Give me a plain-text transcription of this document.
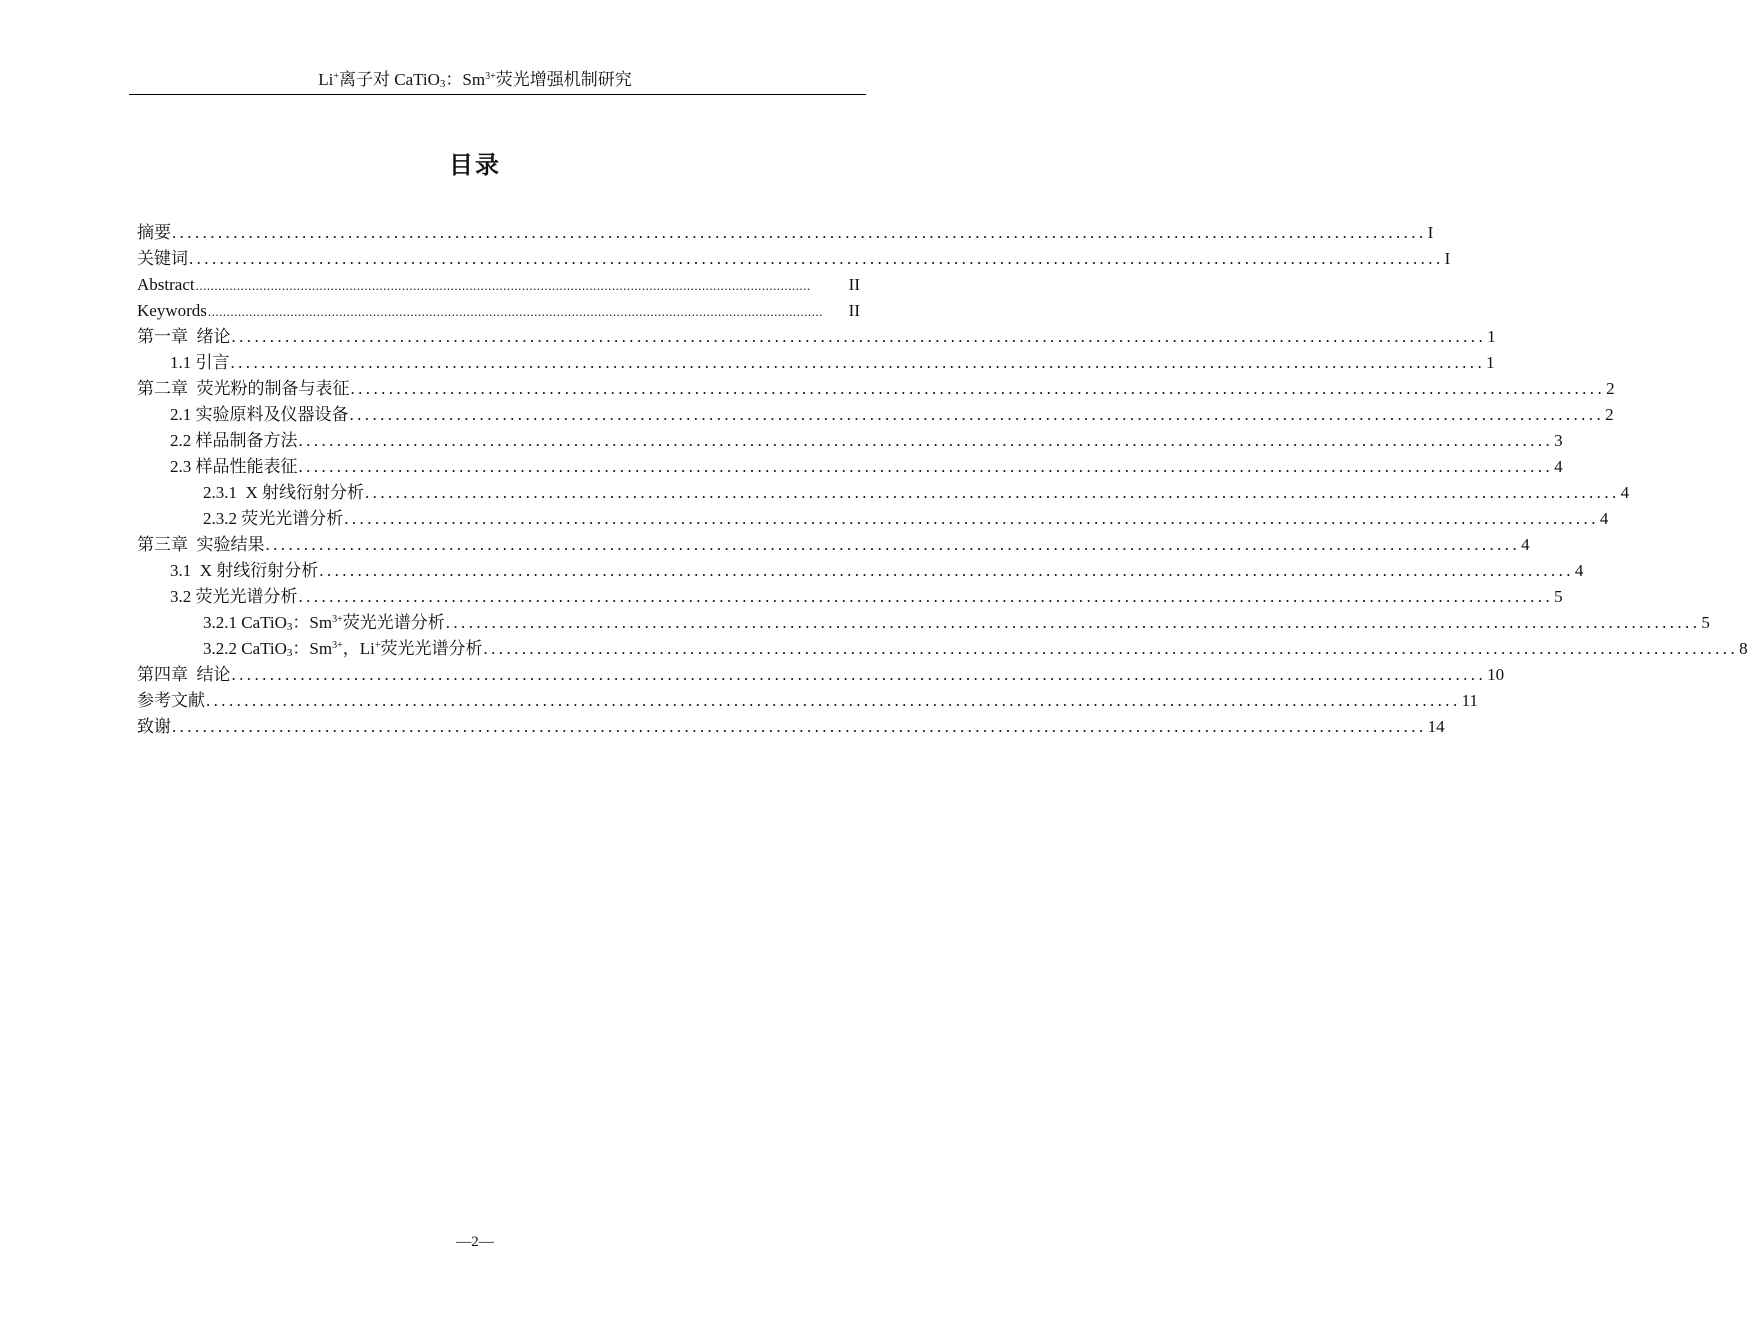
Li+离子对 CaTiO$_3$：$Sm^{3+}$荧光增强机制研究
目录
摘要 .................................................................................................................................................................... I
关键词 .................................................................................................................................................................... I
Abstract ....................................................................................................................................................................	II
Keywords ....................................................................................................................................................................	II
第一章  绪论 .................................................................................................................................................................... 1
1.1 引言 .................................................................................................................................................................... 1
第二章  荧光粉的制备与表征 .................................................................................................................................................................... 2
2.1 实验原料及仪器设备 .................................................................................................................................................................... 2
2.2 样品制备方法 .................................................................................................................................................................... 3
2.3 样品性能表征 .................................................................................................................................................................... 4
2.3.1  X 射线衍射分析 .................................................................................................................................................................... 4
2.3.2 荧光光谱分析 .................................................................................................................................................................... 4
第三章  实验结果 .................................................................................................................................................................... 4
3.1  X 射线衍射分析 .................................................................................................................................................................... 4
3.2 荧光光谱分析 .................................................................................................................................................................... 5
3.2.1 CaTiO$_3$：$Sm^{3+}$荧光光谱分析 .................................................................................................................................................................... 5
3.2.2 CaTiO$_3$：$Sm^{3+}$，Li+荧光光谱分析 .................................................................................................................................................................... 8
第四章  结论 .................................................................................................................................................................... 10
参考文献 .................................................................................................................................................................... 11
致谢 .................................................................................................................................................................... 14
—2—
